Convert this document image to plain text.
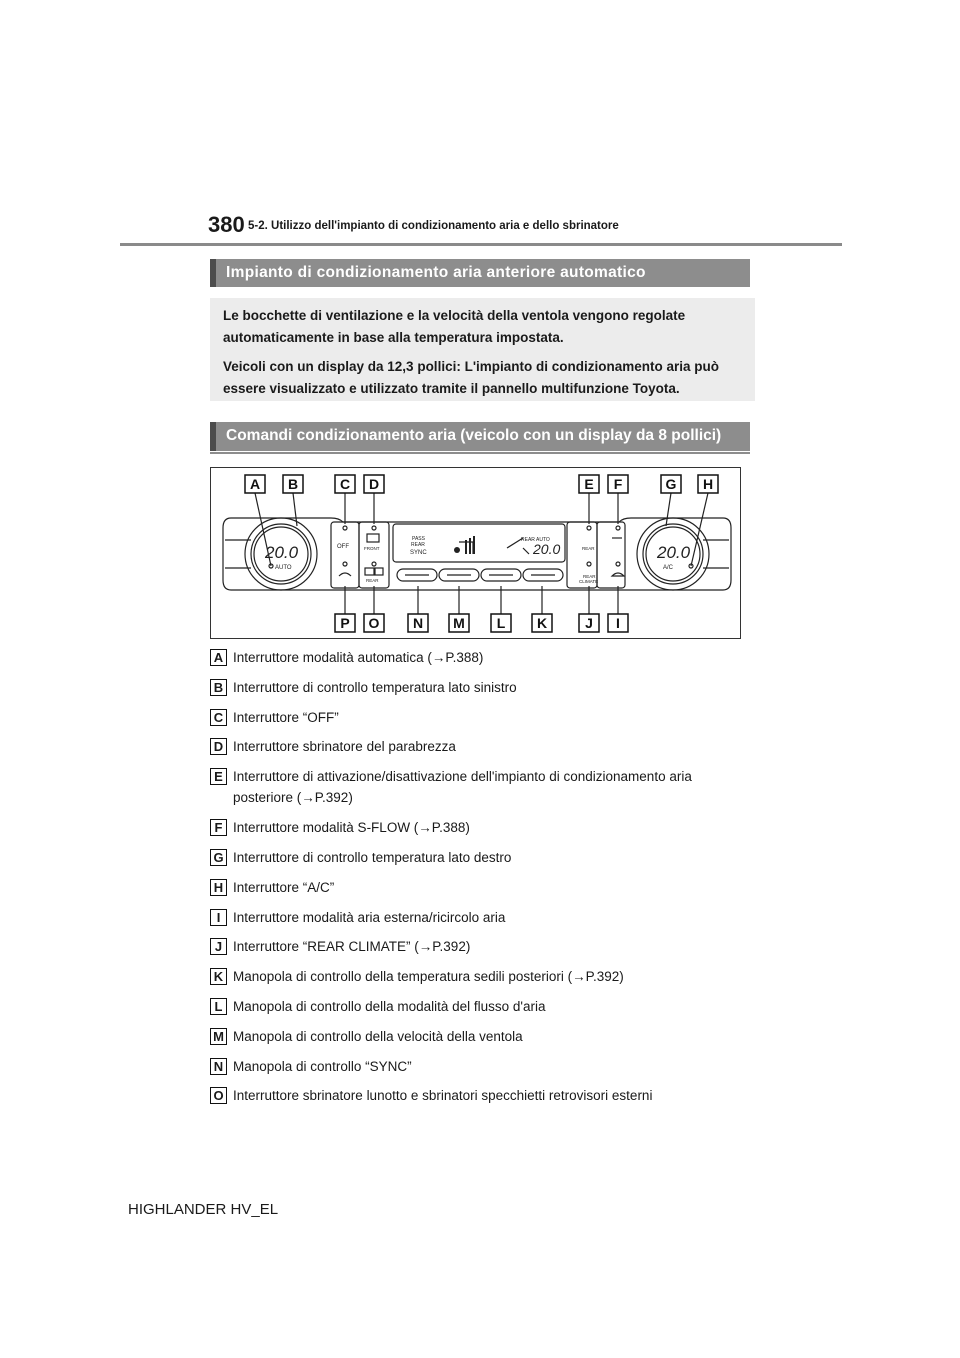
380 5-2. Utilizzo dell'impianto di condizionamento aria e dello sbrinatore
Impianto di condizionamento aria anteriore automatico

Le bocchette di ventilazione e la velocità della ventola vengono regolate automaticamente in base alla temperatura impostata.

Veicoli con un display da 12,3 pollici: L'impianto di condizionamento aria può essere visualizzato e utilizzato tramite il pannello multifunzione Toyota.

Comandi condizionamento aria (veicolo con un display da 8 pollici)
A B	C D	E F	G H
P O N M L K	J I
20.0
AUTO
20.0
A/C
OFF	FRONT
REAR
PASS
REAR
SYNC
REAR AUTO
20.0	REAR
REAR
CLIMATE
A Interruttore modalità automatica (→P.388)
B Interruttore di controllo temperatura lato sinistro
C Interruttore “OFF”
D Interruttore sbrinatore del parabrezza
E Interruttore di attivazione/disattivazione dell'impianto di condizionamento aria posteriore (→P.392)
F Interruttore modalità S-FLOW (→P.388)
G Interruttore di controllo temperatura lato destro
H Interruttore “A/C”
I Interruttore modalità aria esterna/ricircolo aria
J Interruttore “REAR CLIMATE” (→P.392)
K Manopola di controllo della temperatura sedili posteriori (→P.392)
L Manopola di controllo della modalità del flusso d'aria
M Manopola di controllo della velocità della ventola
N Manopola di controllo “SYNC”
O Interruttore sbrinatore lunotto e sbrinatori specchietti retrovisori esterni
HIGHLANDER HV_EL
